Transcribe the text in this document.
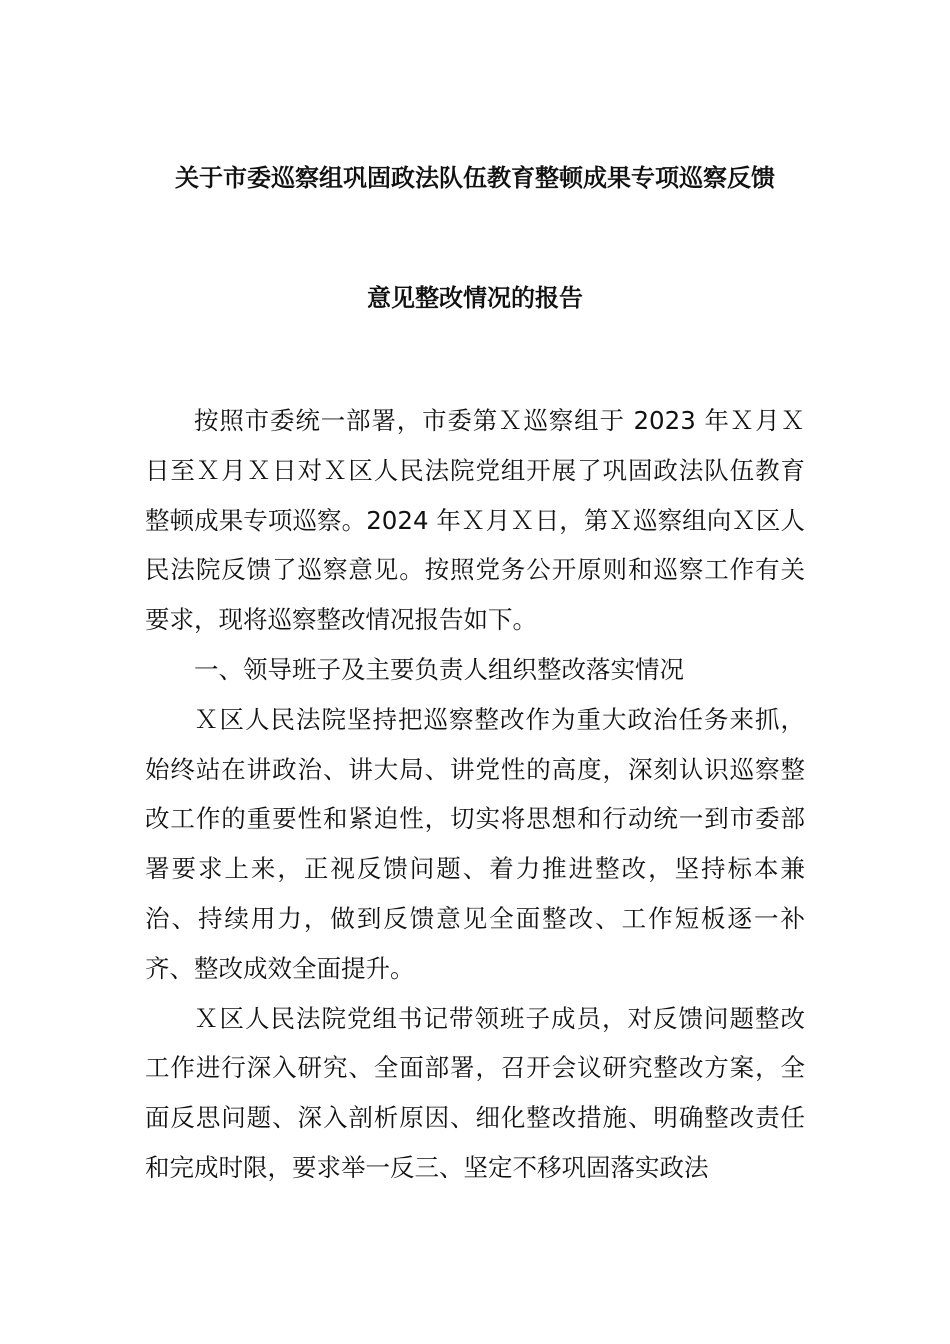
关于市委巡察组巩固政法队伍教育整顿成果专项巡察反馈
意见整改情况的报告

按照市委统一部署，市委第Ｘ巡察组于 2023 年Ｘ月Ｘ日至Ｘ月Ｘ日对Ｘ区人民法院党组开展了巩固政法队伍教育整顿成果专项巡察。2024 年Ｘ月Ｘ日，第Ｘ巡察组向Ｘ区人民法院反馈了巡察意见。按照党务公开原则和巡察工作有关要求，现将巡察整改情况报告如下。

一、领导班子及主要负责人组织整改落实情况

Ｘ区人民法院坚持把巡察整改作为重大政治任务来抓，始终站在讲政治、讲大局、讲党性的高度，深刻认识巡察整改工作的重要性和紧迫性，切实将思想和行动统一到市委部署要求上来，正视反馈问题、着力推进整改，坚持标本兼治、持续用力，做到反馈意见全面整改、工作短板逐一补齐、整改成效全面提升。

Ｘ区人民法院党组书记带领班子成员，对反馈问题整改工作进行深入研究、全面部署，召开会议研究整改方案，全面反思问题、深入剖析原因、细化整改措施、明确整改责任和完成时限，要求举一反三、坚定不移巩固落实政法
